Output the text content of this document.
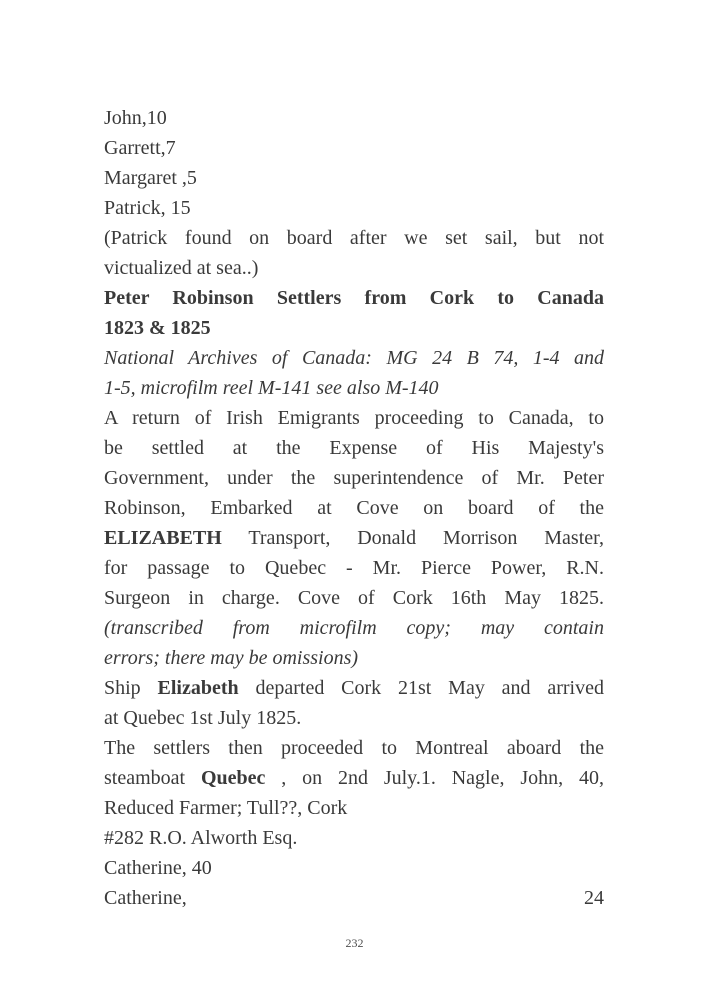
John,10
Garrett,7
Margaret ,5
Patrick, 15
(Patrick found on board after we set sail, but not
victualized at sea..)
Peter Robinson Settlers from Cork to Canada
1823 & 1825
National Archives of Canada: MG 24 B 74, 1-4 and
1-5, microfilm reel M-141 see also M-140
A return of Irish Emigrants proceeding to Canada, to
be settled at the Expense of His Majesty's
Government, under the superintendence of Mr. Peter
Robinson, Embarked at Cove on board of the
ELIZABETH Transport, Donald Morrison Master,
for passage to Quebec - Mr. Pierce Power, R.N.
Surgeon in charge. Cove of Cork 16th May 1825.
(transcribed from microfilm copy; may contain
errors; there may be omissions)
Ship Elizabeth departed Cork 21st May and arrived
at Quebec 1st July 1825.
The settlers then proceeded to Montreal aboard the
steamboat Quebec , on 2nd July.1. Nagle, John, 40,
Reduced Farmer; Tull??, Cork
#282 R.O. Alworth Esq.
Catherine, 40
Catherine, 24
232
